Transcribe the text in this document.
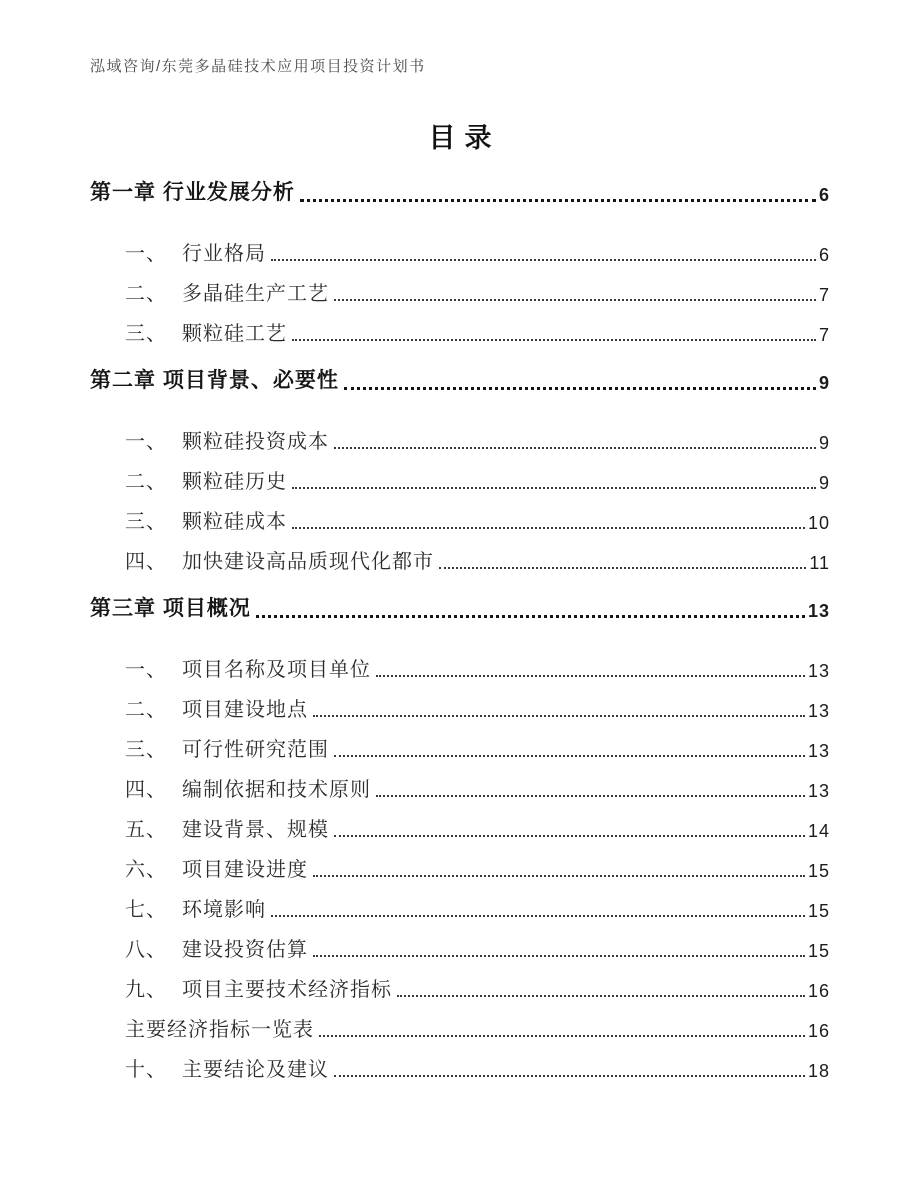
泓域咨询/东莞多晶硅技术应用项目投资计划书
目录
第一章 行业发展分析	6
一、 行业格局	6
二、 多晶硅生产工艺	7
三、 颗粒硅工艺	7
第二章 项目背景、必要性	9
一、 颗粒硅投资成本	9
二、 颗粒硅历史	9
三、 颗粒硅成本	10
四、 加快建设高品质现代化都市	11
第三章 项目概况	13
一、 项目名称及项目单位	13
二、 项目建设地点	13
三、 可行性研究范围	13
四、 编制依据和技术原则	13
五、 建设背景、规模	14
六、 项目建设进度	15
七、 环境影响	15
八、 建设投资估算	15
九、 项目主要技术经济指标	16
主要经济指标一览表	16
十、 主要结论及建议	18
